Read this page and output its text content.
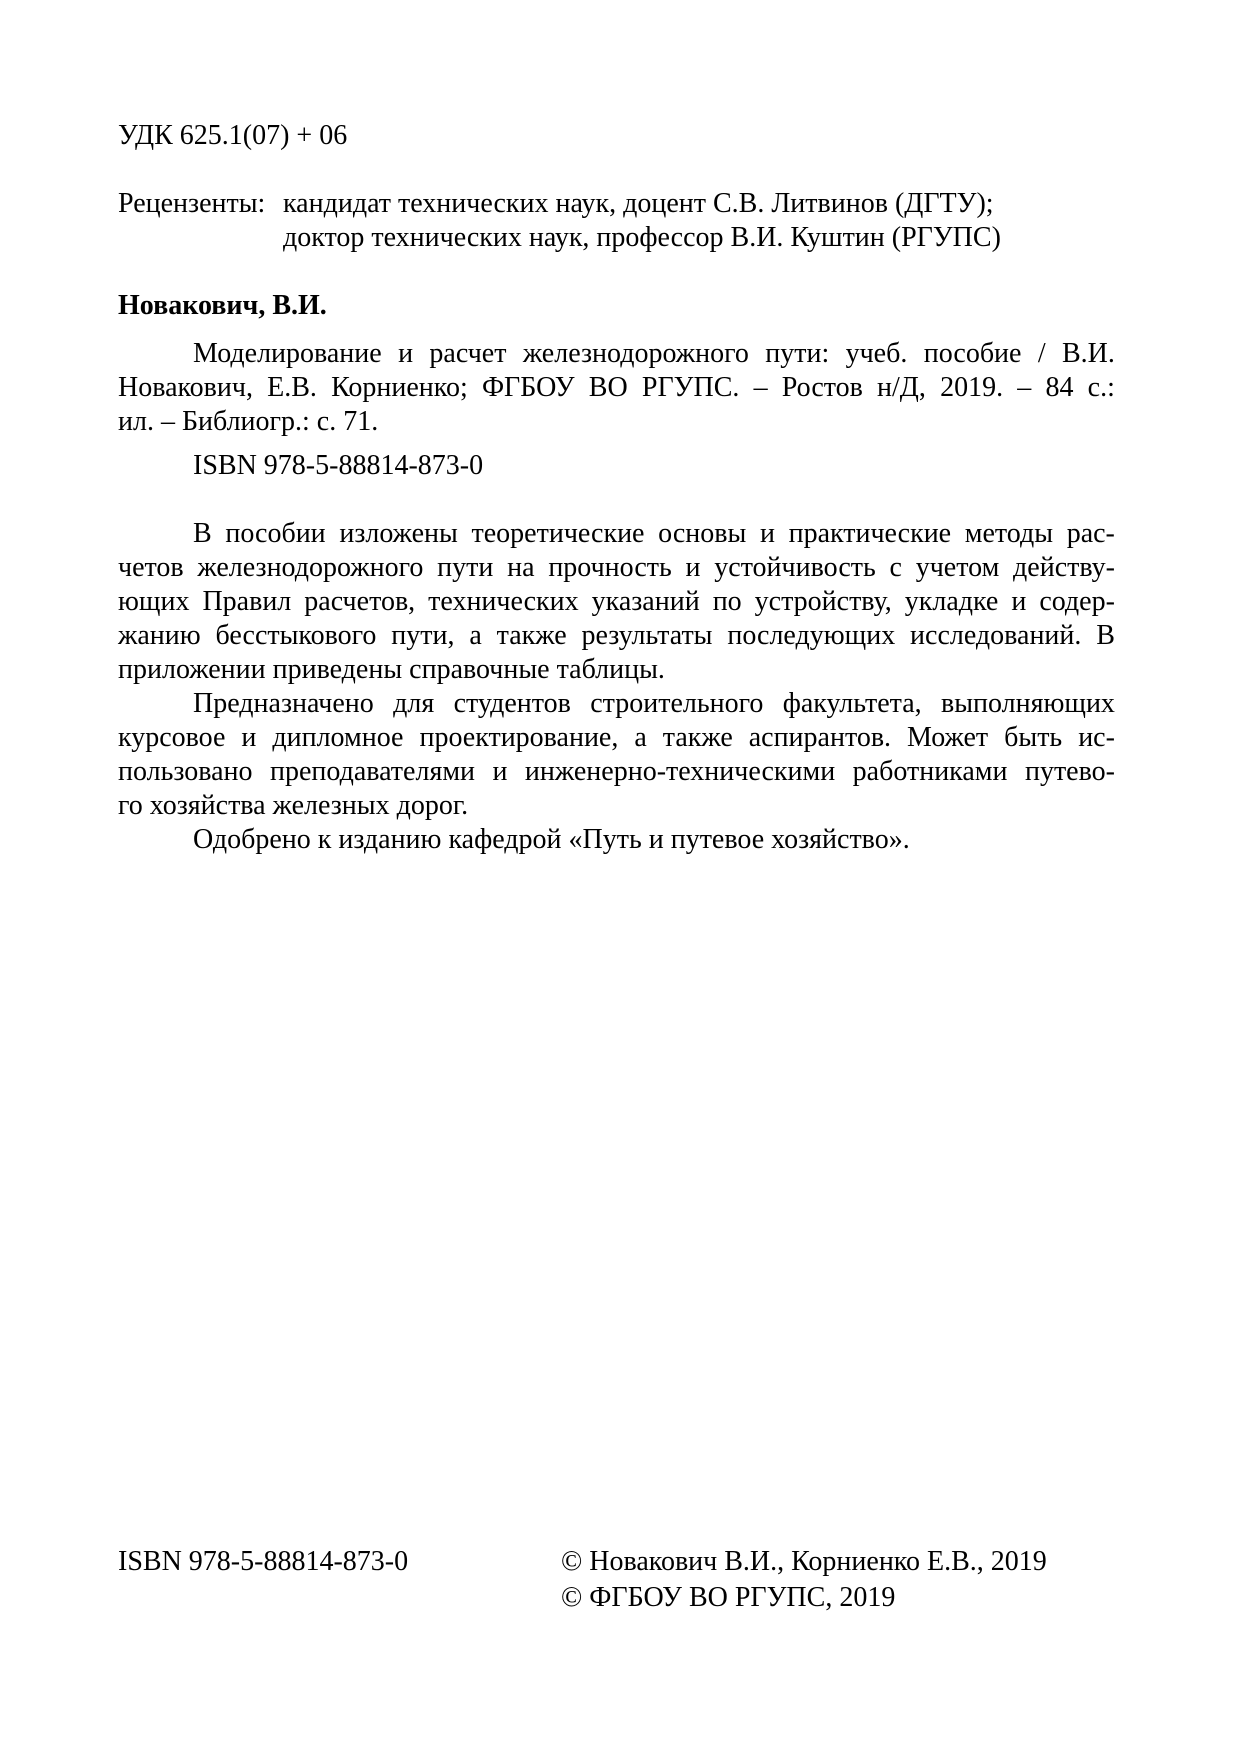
УДК 625.1(07) + 06
Рецензенты: кандидат технических наук, доцент С.В. Литвинов (ДГТУ);
доктор технических наук, профессор В.И. Куштин (РГУПС)
Новакович, В.И.
Моделирование и расчет железнодорожного пути: учеб. пособие / В.И.
Новакович, Е.В. Корниенко; ФГБОУ ВО РГУПС. – Ростов н/Д, 2019. – 84 с.:
ил. – Библиогр.: с. 71.
ISBN 978-5-88814-873-0
В пособии изложены теоретические основы и практические методы рас-
четов железнодорожного пути на прочность и устойчивость с учетом действу-
ющих Правил расчетов, технических указаний по устройству, укладке и содер-
жанию бесстыкового пути, а также результаты последующих исследований. В
приложении приведены справочные таблицы.
Предназначено для студентов строительного факультета, выполняющих
курсовое и дипломное проектирование, а также аспирантов. Может быть ис-
пользовано преподавателями и инженерно-техническими работниками путево-
го хозяйства железных дорог.
Одобрено к изданию кафедрой «Путь и путевое хозяйство».
ISBN 978-5-88814-873-0	© Новакович В.И., Корниенко Е.В., 2019
© ФГБОУ ВО РГУПС, 2019
